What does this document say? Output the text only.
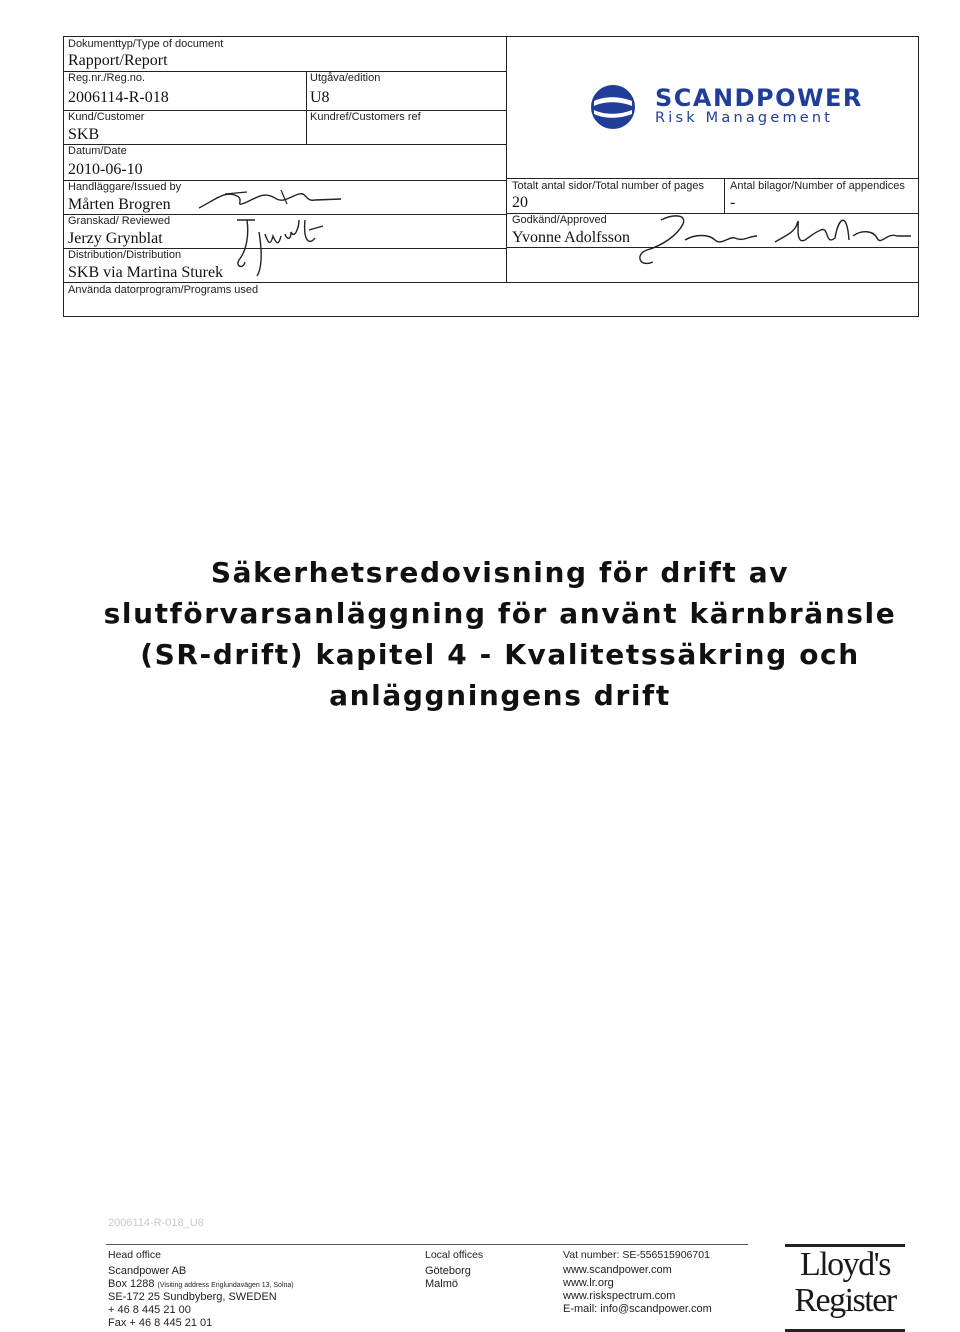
Dokumenttyp/Type of document
Rapport/Report
Reg.nr./Reg.no.
2006114-R-018
Utgåva/edition
U8
Kund/Customer
SKB
Kundref/Customers ref
Datum/Date
2010-06-10
Handläggare/Issued by
Mårten Brogren
Granskad/ Reviewed
Jerzy Grynblat
Distribution/Distribution
SKB via Martina Sturek
Använda datorprogram/Programs used
Totalt antal sidor/Total number of pages
20
Antal bilagor/Number of appendices
-
Godkänd/Approved
Yvonne Adolfsson
SCANDPOWER
Risk Management
Säkerhetsredovisning för drift av
slutförvarsanläggning för använt kärnbränsle
(SR-drift) kapitel 4 - Kvalitetssäkring och
anläggningens drift
2006114-R-018_U8
Head office
Scandpower AB
Box 1288 (Visiting address Englundavägen 13, Solna)
SE-172 25 Sundbyberg, SWEDEN
+ 46 8 445 21 00
Fax + 46 8 445 21 01
Local offices
Göteborg
Malmö
Vat number: SE-556515906701
www.scandpower.com
www.lr.org
www.riskspectrum.com
E-mail: info@scandpower.com
Lloyd's
Register
